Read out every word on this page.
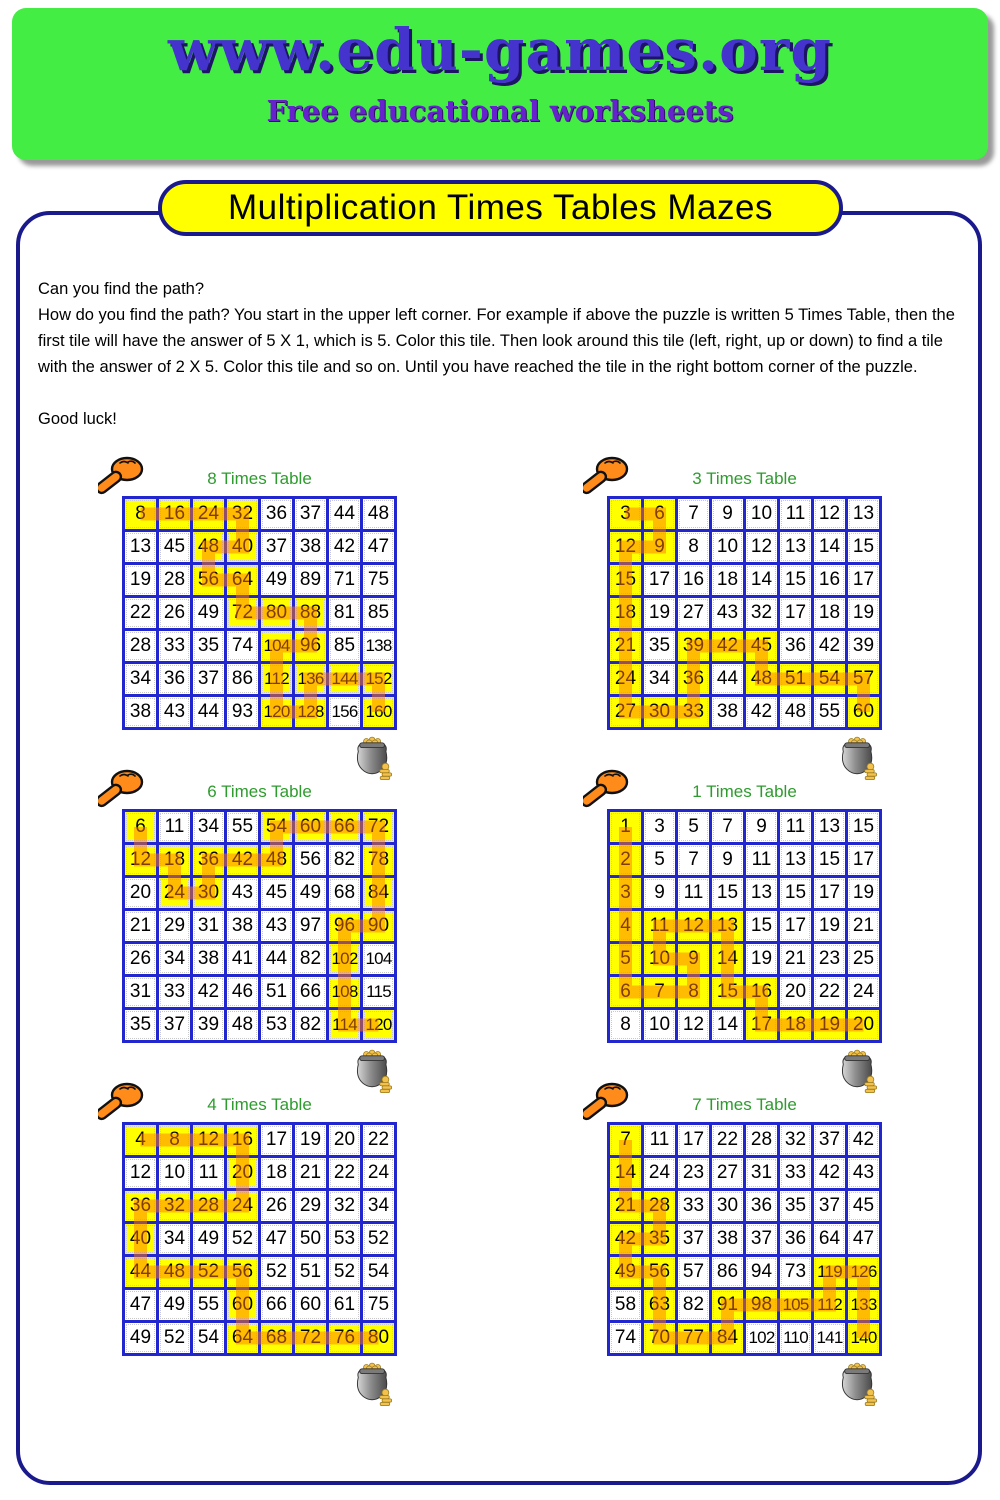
www.edu-games.org
Free educational worksheets
Multiplication Times Tables Mazes
Can you find the path?
How do you find the path? You start in the upper left corner. For example if above the puzzle is written 5 Times Table, then the first tile will have the answer of 5 X 1, which is 5. Color this tile. Then look around this tile (left, right, up or down) to find a tile with the answer of 2 X 5. Color this tile and so on. Until you have reached the tile in the right bottom corner of the puzzle.
Good luck!
8 Times Table
8 16 24 32 36 37 44 48
13 45 48 40 37 38 42 47
19 28 56 64 49 89 71 75
22 26 49 72 80 88 81 85
28 33 35 74 104 96 85 138
34 36 37 86 112 136 144 152
38 43 44 93 120 128 156 160
3 Times Table
3	6	7	9 10 11 12 13
12 9	8 10 12 13 14 15
15 17 16 18 14 15 16 17
18 19 27 43 32 17 18 19
21 35 39 42 45 36 42 39
24 34 36 44 48 51 54 57
27 30 33 38 42 48 55 60
6 Times Table
6 11 34 55 54 60 66 72
12 18 36 42 48 56 82 78
20 24 30 43 45 49 68 84
21 29 31 38 43 97 96 90
26 34 38 41 44 82 102 104
31 33 42 46 51 66 108 115
35 37 39 48 53 82 114 120
1 Times Table
1	3	5	7	9 11 13 15
2	5	7	9 11 13 15 17
3	9 11 15 13 15 17 19
4 11 12 13 15 17 19 21
5 10 9 14 19 21 23 25
6	7	8 15 16 20 22 24
8 10 12 14 17 18 19 20
4 Times Table
4	8 12 16 17 19 20 22
12 10 11 20 18 21 22 24
36 32 28 24 26 29 32 34
40 34 49 52 47 50 53 52
44 48 52 56 52 51 52 54
47 49 55 60 66 60 61 75
49 52 54 64 68 72 76 80
7 Times Table
7 11 17 22 28 32 37 42
14 24 23 27 31 33 42 43
21 28 33 30 36 35 37 45
42 35 37 38 37 36 64 47
49 56 57 86 94 73 119 126
58 63 82 91 98 105 112 133
74 70 77 84 102 110 141 140
